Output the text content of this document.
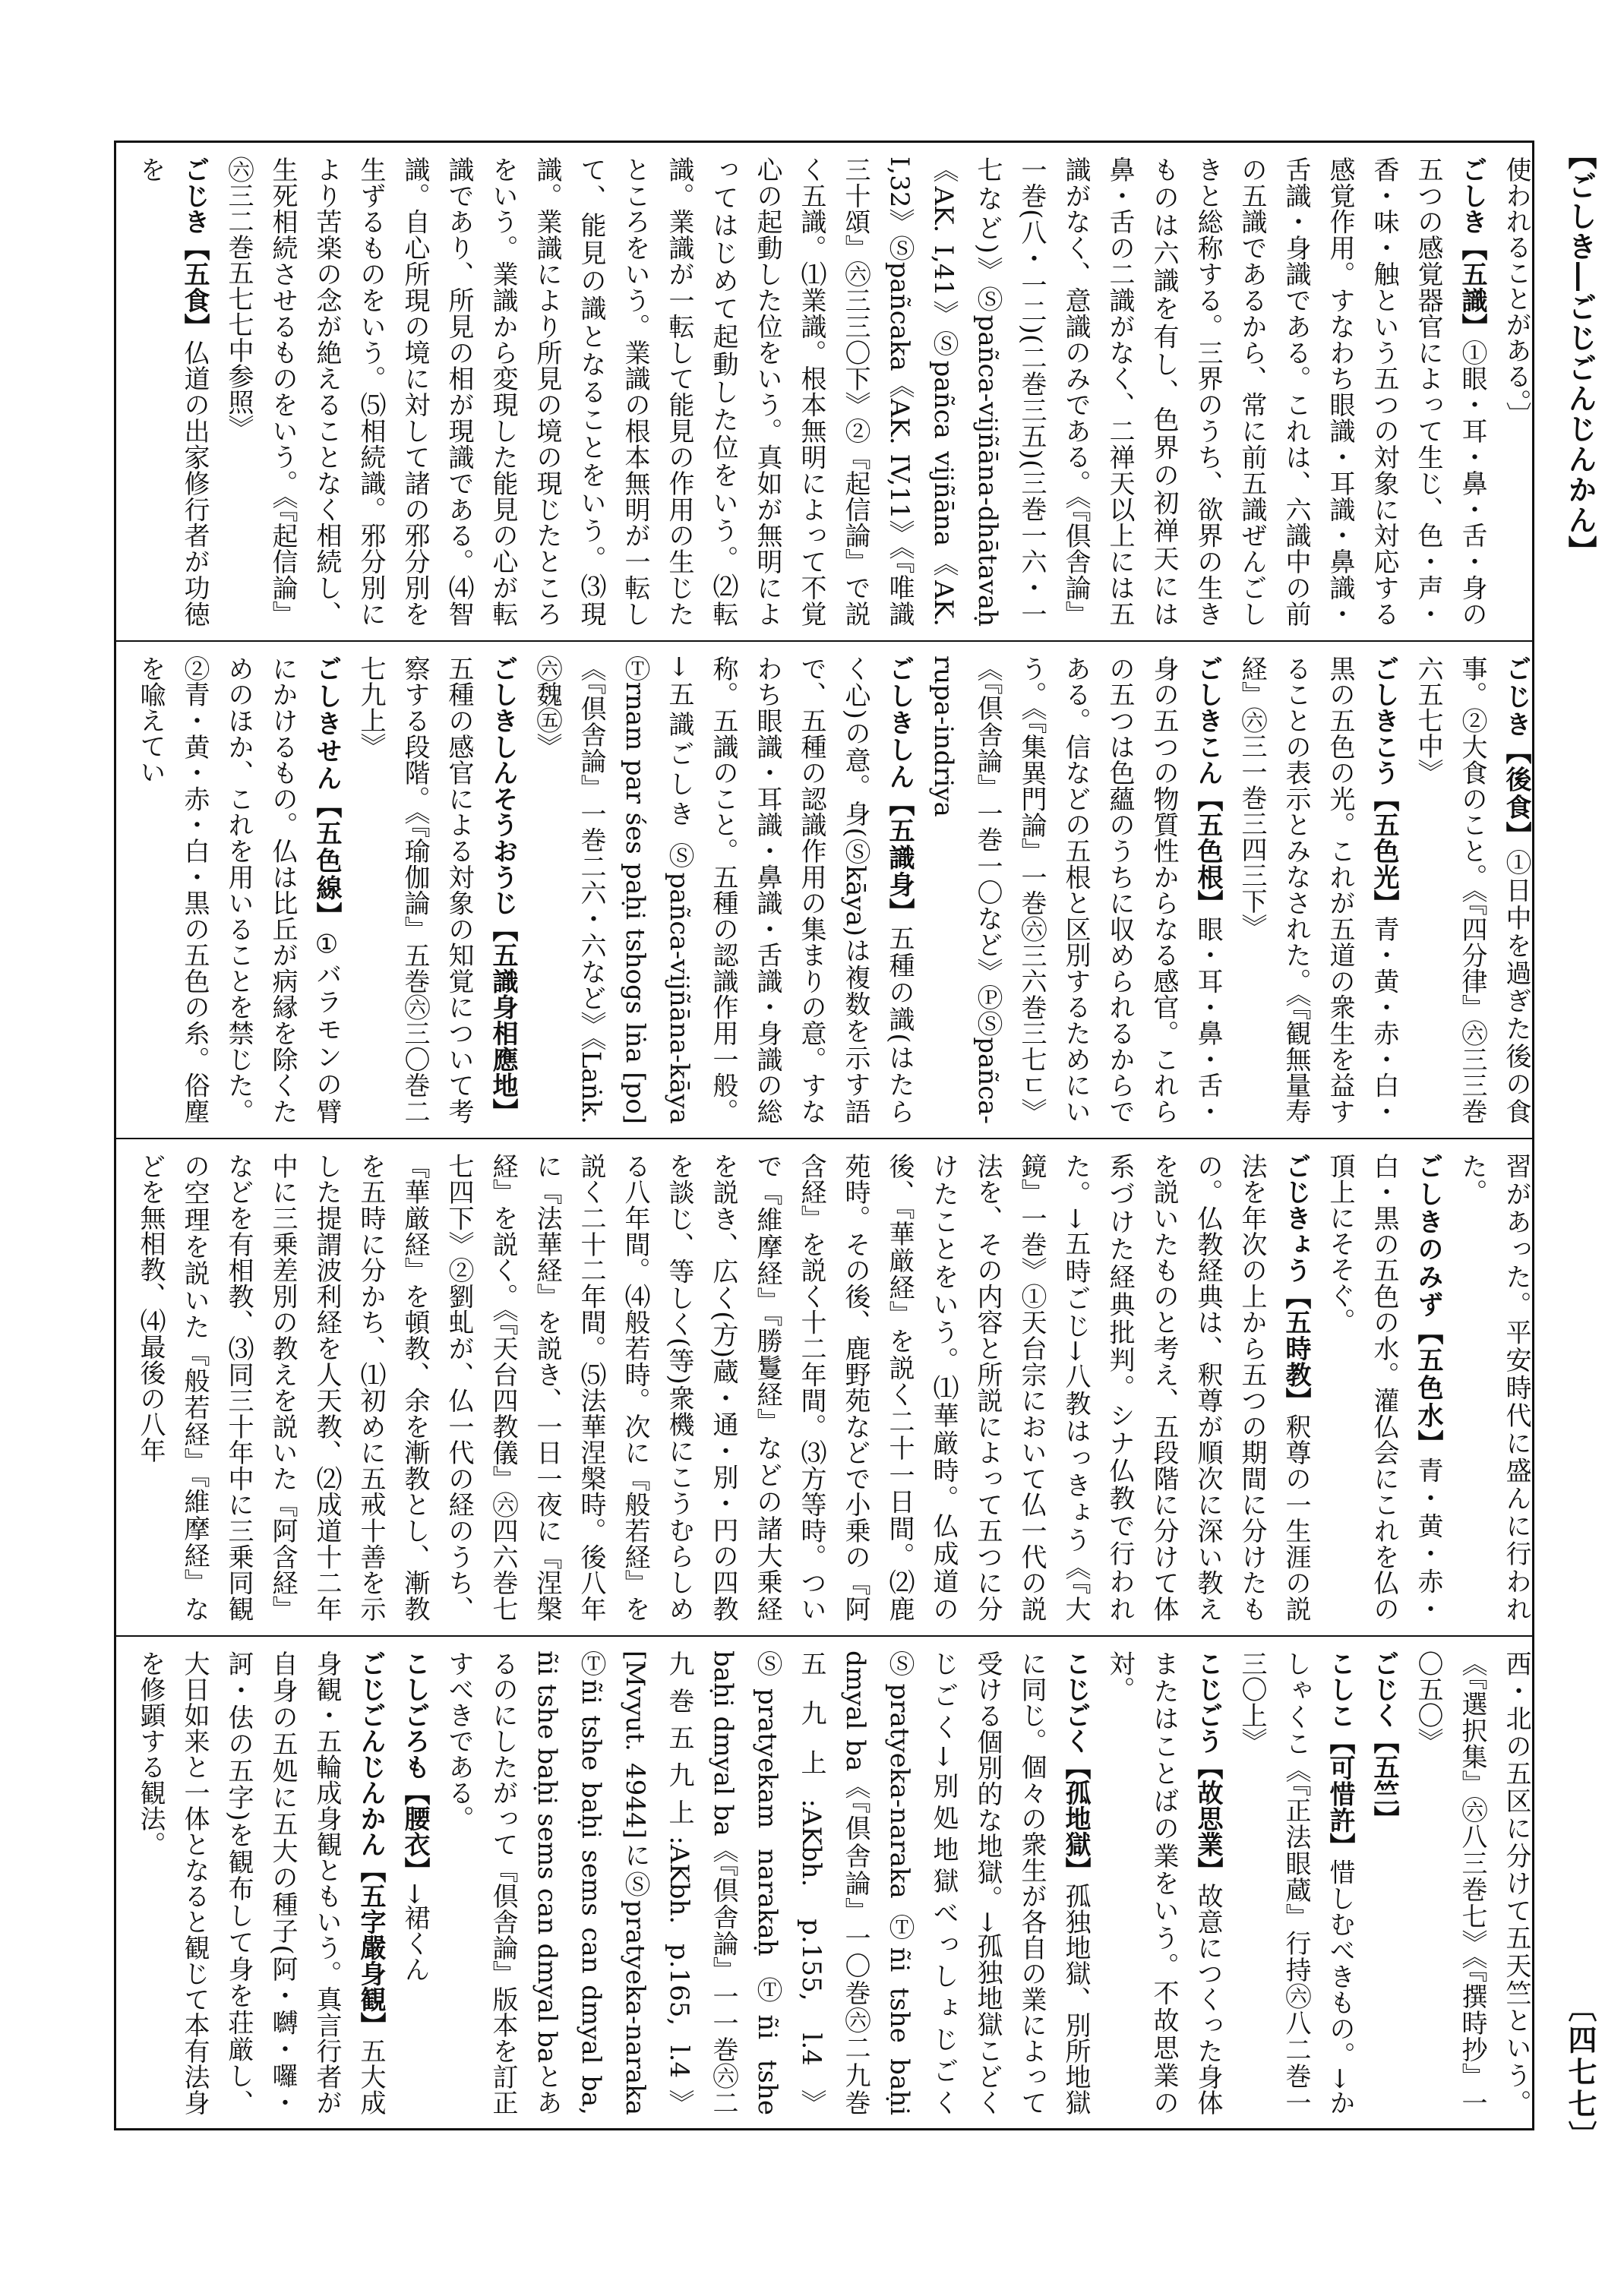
【ごしき―ごじごんじんかん】

使われることがある。〕

ごしき【五識】①眼・耳・鼻・舌・身の五つの感覚器官によって生じ、色・声・香・味・触という五つの対象に対応する感覚作用。すなわち眼識・耳識・鼻識・舌識・身識である。これは、六識中の前の五識であるから、常に前五識ぜんごしきと総称する。三界のうち、欲界の生きものは六識を有し、色界の初禅天には鼻・舌の二識がなく、二禅天以上には五識がなく、意識のみである。《『倶舎論』一巻(八・一二)(二巻三五)(三巻一六・一七など)》Ⓢpañca-vijñāna-dhātavaḥ《AK. I,41》Ⓢpañca vijñāna《AK. I,32》Ⓢpañcaka《AK. IV,11》《『唯識三十頌』㊅三三〇下》②『起信論』で説く五識。⑴業識。根本無明によって不覚心の起動した位をいう。真如が無明によってはじめて起動した位をいう。⑵転識。業識が一転して能見の作用の生じたところをいう。業識の根本無明が一転して、能見の識となることをいう。⑶現識。業識により所見の境の現じたところをいう。業識から変現した能見の心が転識であり、所見の相が現識である。⑷智識。自心所現の境に対して諸の邪分別を生ずるものをいう。⑸相続識。邪分別により苦楽の念が絶えることなく相続し、生死相続させるものをいう。《『起信論』㊅三二巻五七七中参照》

ごじき【五食】仏道の出家修行者が功徳を

ごじき【後食】①日中を過ぎた後の食事。②大食のこと。《『四分律』㊅三三巻六五七中》

ごしきこう【五色光】青・黄・赤・白・黒の五色の光。これが五道の衆生を益することの表示とみなされた。《『観無量寿経』㊅三一巻三四三下》

ごしきこん【五色根】眼・耳・鼻・舌・身の五つの物質性からなる感官。これらの五つは色蘊のうちに収められるからである。信などの五根と区別するためにいう。《『集異門論』一巻㊅三六巻三七ㄷ》《『倶舎論』一巻一〇など》ⓅⓈpañca-rupa-indriya

ごしきしん【五識身】五種の識(はたらく心)の意。身(Ⓢkāya)は複数を示す語で、五種の認識作用の集まりの意。すなわち眼識・耳識・鼻識・舌識・身識の総称。五識のこと。五種の認識作用一般。→五識ごしき Ⓢpañca-vijñāna-kāya Ⓣrnam par śes paḥi tshogs lṅa [po]《『倶舎論』一巻二六・六など》《Laṅk. ㊅魏㊄》

ごしきしんそうおうじ【五識身相應地】五種の感官による対象の知覚について考察する段階。《『瑜伽論』五巻㊅三〇巻二七九上》

ごしきせん【五色線】①バラモンの臂にかけるもの。仏は比丘が病縁を除くためのほか、これを用いることを禁じた。②青・黄・赤・白・黒の五色の糸。俗塵を喩えてい

習があった。平安時代に盛んに行われた。

ごしきのみず【五色水】青・黄・赤・白・黒の五色の水。灌仏会にこれを仏の頂上にそそぐ。

ごじきょう【五時教】釈尊の一生涯の説法を年次の上から五つの期間に分けたもの。仏教経典は、釈尊が順次に深い教えを説いたものと考え、五段階に分けて体系づけた経典批判。シナ仏教で行われた。→五時ごじ→八教はっきょう《『大鏡』一巻》①天台宗において仏一代の説法を、その内容と所説によって五つに分けたことをいう。⑴華厳時。仏成道の後、『華厳経』を説く二十一日間。⑵鹿苑時。その後、鹿野苑などで小乗の『阿含経』を説く十二年間。⑶方等時。ついで『維摩経』『勝鬘経』などの諸大乗経を説き、広く(方)蔵・通・別・円の四教を談じ、等しく(等)衆機にこうむらしめる八年間。⑷般若時。次に『般若経』を説く二十二年間。⑸法華涅槃時。後八年に『法華経』を説き、一日一夜に『涅槃経』を説く。《『天台四教儀』㊅四六巻七七四下》②劉虬が、仏一代の経のうち、『華厳経』を頓教、余を漸教とし、漸教を五時に分かち、⑴初めに五戒十善を示した提謂波利経を人天教、⑵成道十二年中に三乗差別の教えを説いた『阿含経』などを有相教、⑶同三十年中に三乗同観の空理を説いた『般若経』『維摩経』などを無相教、⑷最後の八年

西・北の五区に分けて五天竺という。《『選択集』㊅八三巻七》《『撰時抄』一〇五〇》

ごじく【五竺】

こしこ【可惜許】惜しむべきもの。→かしゃくこ《『正法眼蔵』行持㊅八二巻一三〇上》

こじごう【故思業】故意につくった身体またはことばの業をいう。不故思業の対。

こじごく【孤地獄】孤独地獄、別所地獄に同じ。個々の衆生が各自の業によって受ける個別的な地獄。→孤独地獄こどくじごく→別処地獄べっしょじごく Ⓢpratyeka-naraka Ⓣñi tshe baḥi dmyal ba《『倶舎論』一〇巻㊅二九巻五九上:AKbh. p.155, l.4》Ⓢpratyekam narakaḥ Ⓣñi tshe baḥi dmyal ba《『倶舎論』一一巻㊅二九巻五九上:AKbh. p.165, l.4》[Mvyut. 4944]にⓈpratyeka-naraka Ⓣñi tshe baḥi sems can dmyal ba, ñi tshe baḥi sems can dmyal baとあるのにしたがって『倶舎論』版本を訂正すべきである。

こしごろも【腰衣】→裙くん

ごじごんじんかん【五字嚴身観】五大成身観・五輪成身観ともいう。真言行者が自身の五処に五大の種子(阿・嚩・囉・訶・佉の五字)を観布して身を荘厳し、大日如来と一体となると観じて本有法身を修顕する観法。

〔四七七〕
